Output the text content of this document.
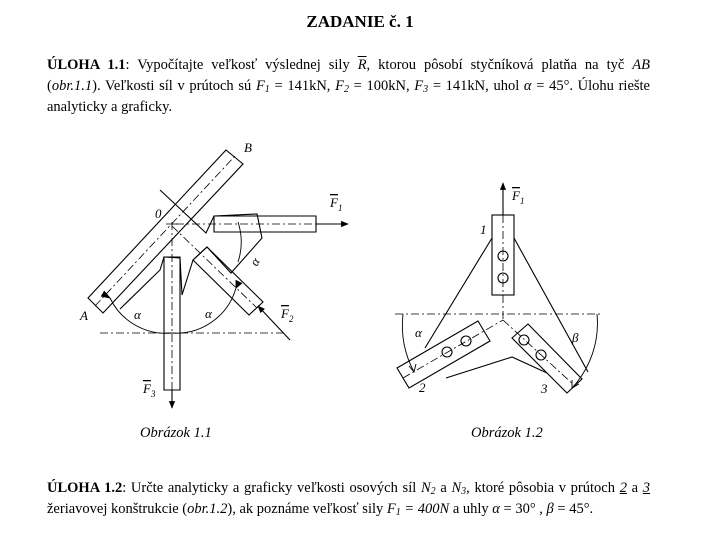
ZADANIE č. 1
ÚLOHA 1.1: Vypočítajte veľkosť výslednej sily $\overline{R}$, ktorou pôsobí styčníková platňa na tyč AB (obr.1.1). Veľkosti síl v prútoch sú $F_1 = 141kN$, $F_2 = 100kN$, $F_3 = 141kN$, uhol α = 45°. Úlohu riešte analyticky a graficky.
B
0
A
F 1
F 2
F 3
α	α
α
F 1
1
2	3
α	β
Obrázok 1.1	Obrázok 1.2
ÚLOHA 1.2: Určte analyticky a graficky veľkosti osových síl $N_2$ a $N_3$, ktoré pôsobia v prútoch 2 a 3 žeriavovej konštrukcie (obr.1.2), ak poznáme veľkosť sily $F_1 = 400N$ a uhly α = 30° , β = 45°.
